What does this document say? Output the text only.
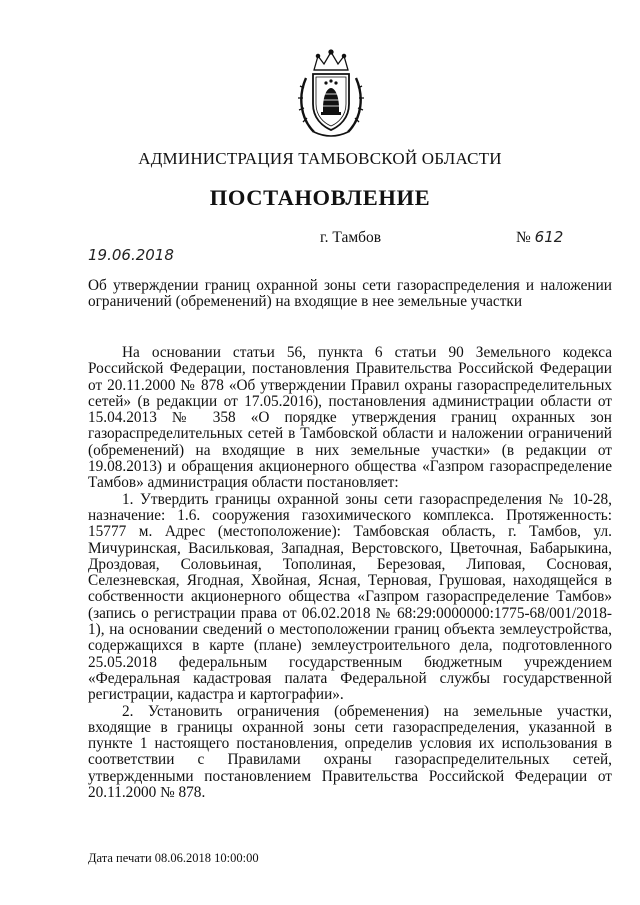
АДМИНИСТРАЦИЯ ТАМБОВСКОЙ ОБЛАСТИ
ПОСТАНОВЛЕНИЕ
19.06.2018
г. Тамбов	№ 612
Об утверждении границ охранной зоны сети газораспределения и наложении ограничений (обременений) на входящие в нее земельные участки

На основании статьи 56, пункта 6 статьи 90 Земельного кодекса Российской Федерации, постановления Правительства Российской Федерации от 20.11.2000 № 878 «Об утверждении Правил охраны газораспределительных сетей» (в редакции от 17.05.2016), постановления администрации области от 15.04.2013 № 358 «О порядке утверждения границ охранных зон газораспределительных сетей в Тамбовской области и наложении ограничений (обременений) на входящие в них земельные участки» (в редакции от 19.08.2013) и обращения акционерного общества «Газпром газораспределение Тамбов» администрация области постановляет:

1. Утвердить границы охранной зоны сети газораспределения № 10-28, назначение: 1.6. сооружения газохимического комплекса. Протяженность: 15777 м. Адрес (местоположение): Тамбовская область, г. Тамбов, ул. Мичуринская, Васильковая, Западная, Верстовского, Цветочная, Бабарыкина, Дроздовая, Соловьиная, Тополиная, Березовая, Липовая, Сосновая, Селезневская, Ягодная, Хвойная, Ясная, Терновая, Грушовая, находящейся в собственности акционерного общества «Газпром газораспределение Тамбов» (запись о регистрации права от 06.02.2018 № 68:29:0000000:1775-68/001/2018-1), на основании сведений о местоположении границ объекта землеустройства, содержащихся в карте (плане) землеустроительного дела, подготовленного 25.05.2018 федеральным государственным бюджетным учреждением «Федеральная кадастровая палата Федеральной службы государственной регистрации, кадастра и картографии».

2. Установить ограничения (обременения) на земельные участки, входящие в границы охранной зоны сети газораспределения, указанной в пункте 1 настоящего постановления, определив условия их использования в соответствии с Правилами охраны газораспределительных сетей, утвержденными постановлением Правительства Российской Федерации от 20.11.2000 № 878.

Дата печати 08.06.2018 10:00:00
